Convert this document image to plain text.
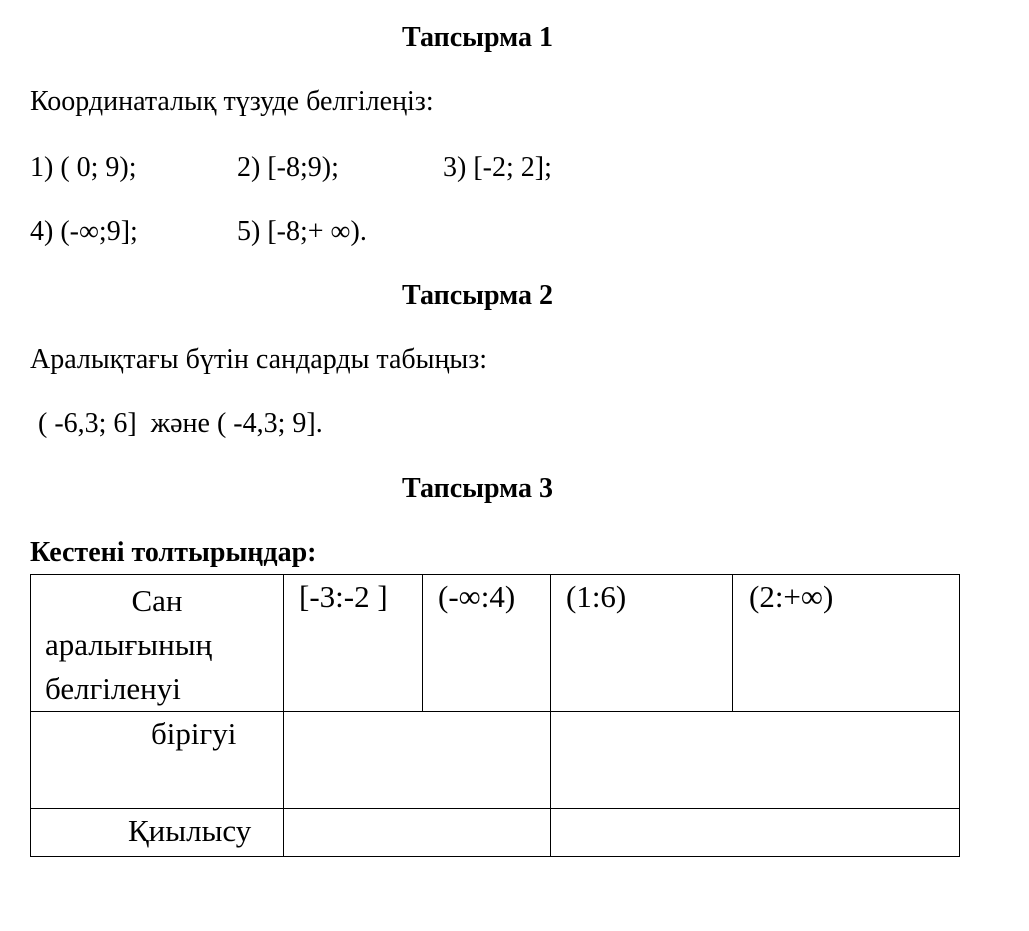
Тапсырма 1
Координаталық түзуде белгілеңіз:
1) ( 0; 9);	2) [-8;9);	3) [-2; 2];
4) (-∞;9];	5) [-8;+ ∞).
Тапсырма 2
Аралықтағы бүтін сандарды табыңыз:
( -6,3; 6]  және ( -4,3; 9].
Тапсырма 3
Кестені толтырыңдар:
Сан
аралығының
белгіленуі	[-3:-2 ]	(-∞:4)	(1:6)	(2:+∞)

бірігуі				

Қиылысу				
